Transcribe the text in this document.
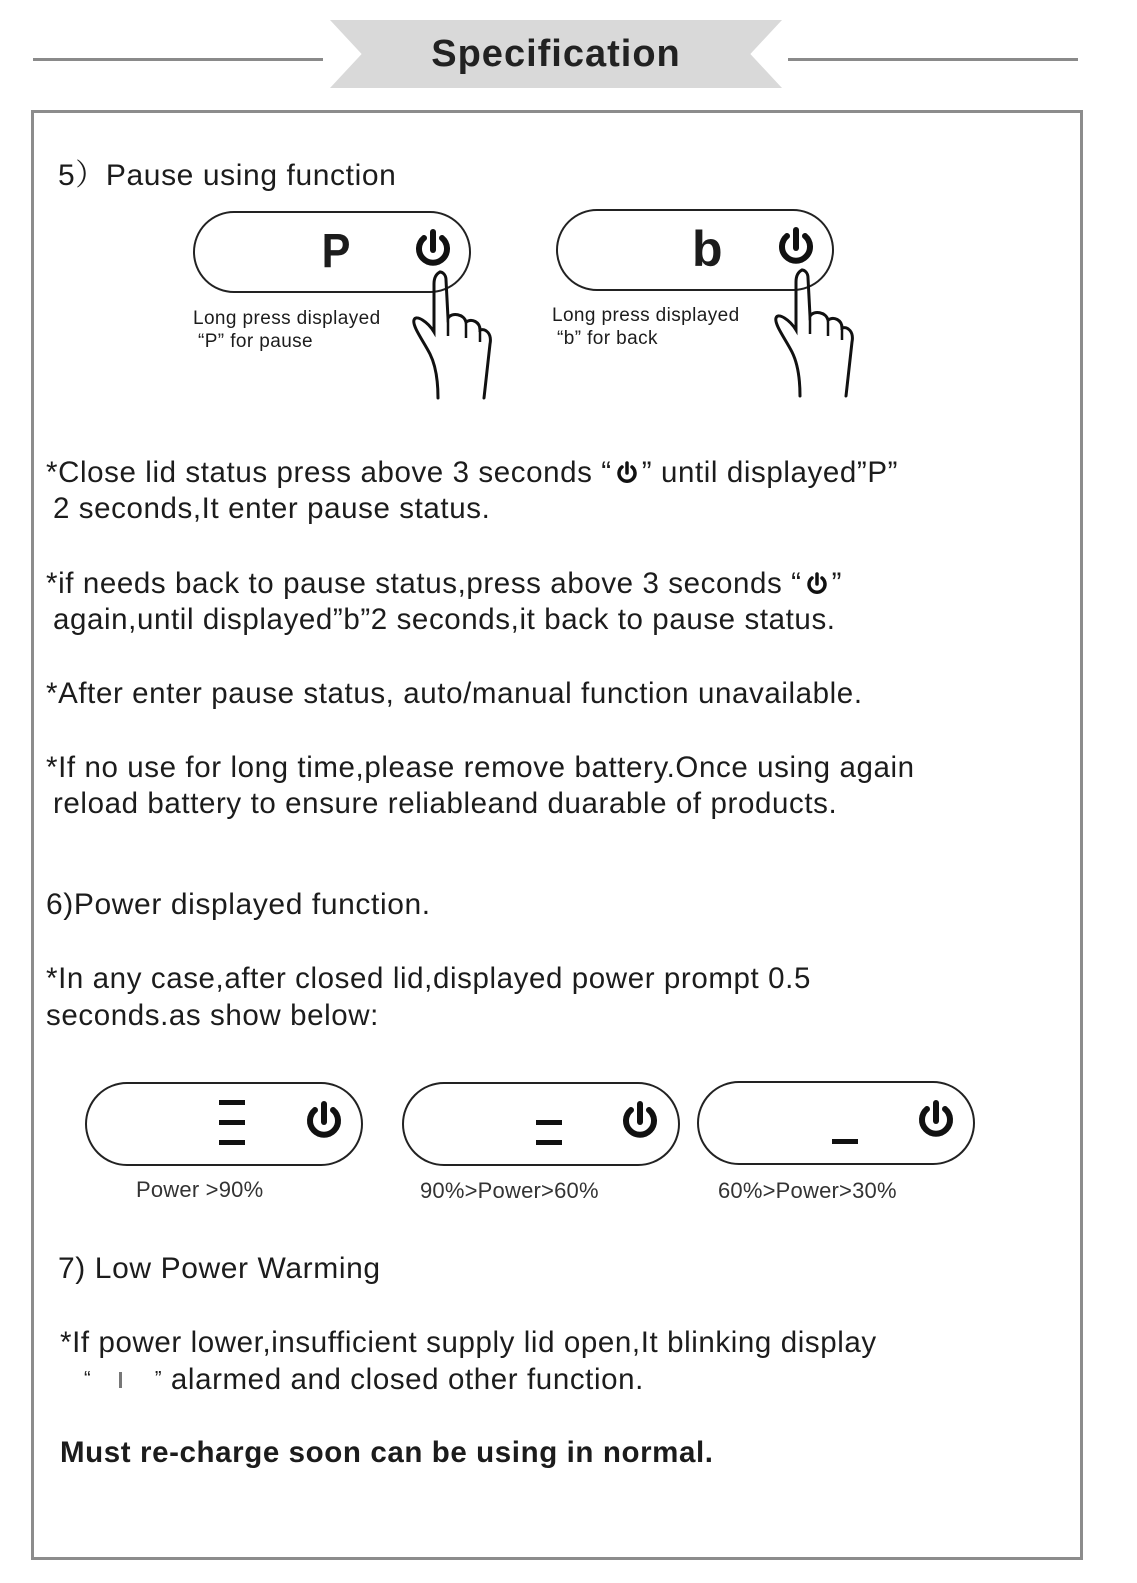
Specification
5）Pause using function
P
Long press displayed
“P” for pause
b
Long press displayed
“b” for back
*Close lid status press above 3 seconds “ ” until displayed”P”
2 seconds,It enter pause status.
*if needs back to pause status,press above 3 seconds “ ”
again,until displayed”b”2 seconds,it back to pause status.
*After enter pause status, auto/manual function unavailable.
*If no use for long time,please remove battery.Once using again
reload battery to ensure reliableand duarable of products.
6)Power displayed function.
*In any case,after closed lid,displayed power prompt 0.5
seconds.as show below:
Power >90%	90%>Power>60%	60%>Power>30%
7) Low Power Warming
*If power lower,insufficient supply lid open,It blinking display
“	” alarmed and closed other function.
Must re-charge soon can be using in normal.
